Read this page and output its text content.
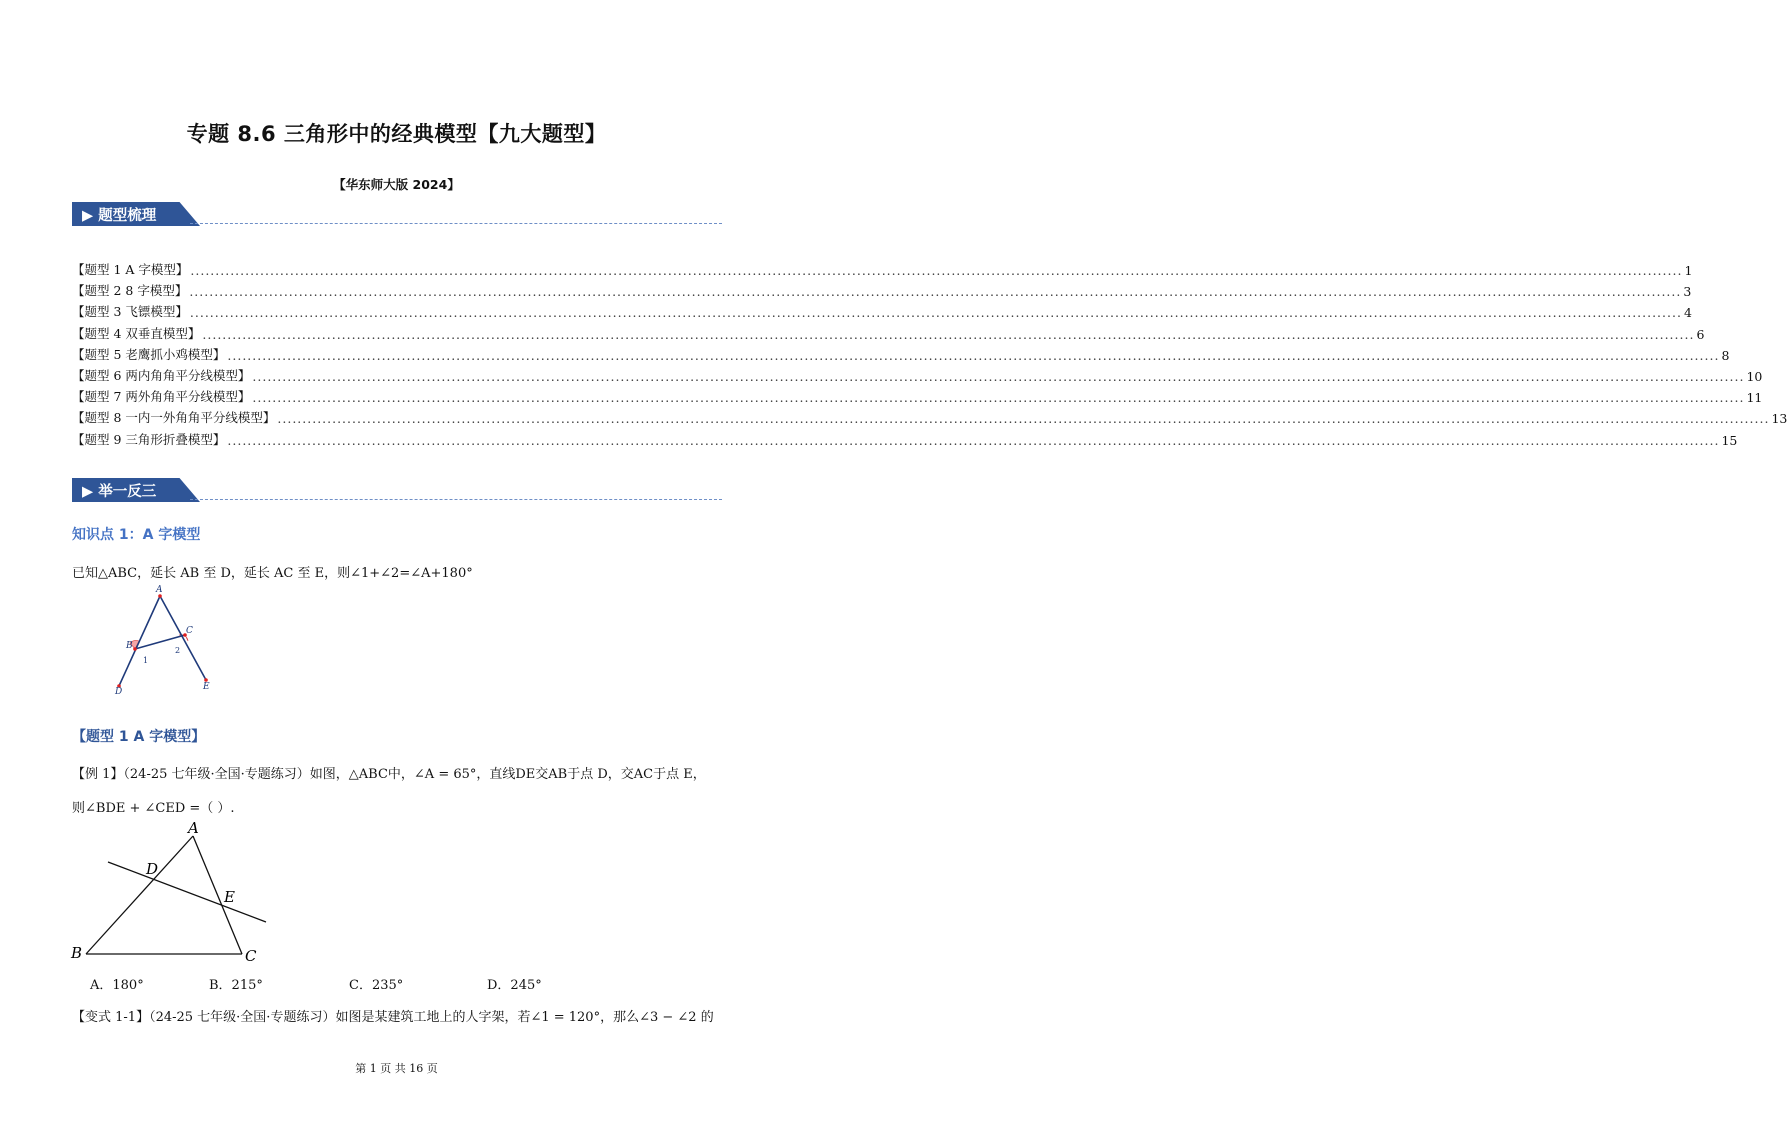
专题 8.6 三角形中的经典模型【九大题型】
【华东师大版 2024】
▶ 题型梳理
【题型 1 A 字模型】 ............................................................................................................................................................................................................................................................................................................ 1
【题型 2 8 字模型】 ............................................................................................................................................................................................................................................................................................................ 3
【题型 3 飞镖模型】 ............................................................................................................................................................................................................................................................................................................ 4
【题型 4 双垂直模型】 ............................................................................................................................................................................................................................................................................................................ 6
【题型 5 老鹰抓小鸡模型】 ............................................................................................................................................................................................................................................................................................................ 8
【题型 6 两内角角平分线模型】 ............................................................................................................................................................................................................................................................................................................ 10
【题型 7 两外角角平分线模型】 ............................................................................................................................................................................................................................................................................................................ 11
【题型 8 一内一外角角平分线模型】 ............................................................................................................................................................................................................................................................................................................ 13
【题型 9 三角形折叠模型】 ............................................................................................................................................................................................................................................................................................................ 15
▶ 举一反三
知识点 1：A 字模型
已知△ABC，延长 AB 至 D，延长 AC 至 E，则∠1+∠2=∠A+180°
A
B
C
D	E
1
2
【题型 1 A 字模型】
【例 1】（24-25 七年级·全国·专题练习）如图，△ABC中，∠A = 65°，直线DE交AB于点 D，交AC于点 E，
则∠BDE + ∠CED =（ ）.
A
D
E
B	C
A．180°	B．215°	C．235°	D．245°
【变式 1-1】（24-25 七年级·全国·专题练习）如图是某建筑工地上的人字架，若∠1 = 120°，那么∠3 − ∠2 的
第 1 页 共 16 页
